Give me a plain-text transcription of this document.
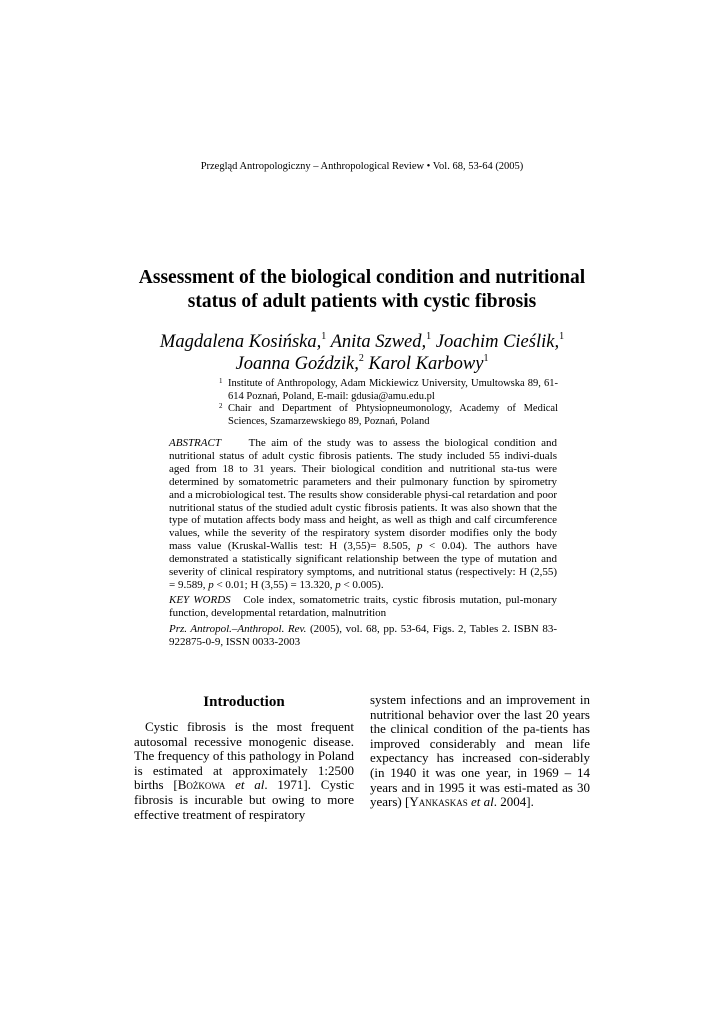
Przegląd Antropologiczny – Anthropological Review • Vol. 68, 53-64 (2005)
Assessment of the biological condition and nutritional
status of adult patients with cystic fibrosis
Magdalena Kosińska,$^1$ Anita Szwed,$^1$ Joachim Cieślik,$^1$
Joanna Goździk,$^2$ Karol Karbowy$^1$
1 Institute of Anthropology, Adam Mickiewicz University, Umultowska 89, 61-614 Poznań, Poland, E-mail: gdusia@amu.edu.pl
2 Chair and Department of Phtysiopneumonology, Academy of Medical Sciences, Szamarzewskiego 89, Poznań, Poland

ABSTRACT	The aim of the study was to assess the biological condition and nutritional status of adult cystic fibrosis patients. The study included 55 indivi-duals aged from 18 to 31 years. Their biological condition and nutritional sta-tus were determined by somatometric parameters and their pulmonary function by spirometry and a microbiological test. The results show considerable physi-cal retardation and poor nutritional status of the studied adult cystic fibrosis patients. It was also shown that the type of mutation affects body mass and height, as well as thigh and calf circumference values, while the severity of the respiratory system disorder modifies only the body mass value (Kruskal-Wallis test: H (3,55)= 8.505, p < 0.04). The authors have demonstrated a statistically significant relationship between the type of mutation and severity of clinical respiratory symptoms, and nutritional status (respectively: H (2,55) = 9.589, p < 0.01; H (3,55) = 13.320, p < 0.005).

KEY WORDS Cole index, somatometric traits, cystic fibrosis mutation, pul-monary function, developmental retardation, malnutrition

Prz. Antropol.–Anthropol. Rev. (2005), vol. 68, pp. 53-64, Figs. 2, Tables 2. ISBN 83-922875-0-9, ISSN 0033-2003

Introduction
Cystic fibrosis is the most frequent autosomal recessive monogenic disease. The frequency of this pathology in Poland is estimated at approximately 1:2500 births [Bożkowa et al. 1971]. Cystic fibrosis is incurable but owing to more effective treatment of respiratory
system infections and an improvement in nutritional behavior over the last 20 years the clinical condition of the pa-tients has improved considerably and mean life expectancy has increased con-siderably (in 1940 it was one year, in 1969 – 14 years and in 1995 it was esti-mated as 30 years) [Yankaskas et al. 2004].
